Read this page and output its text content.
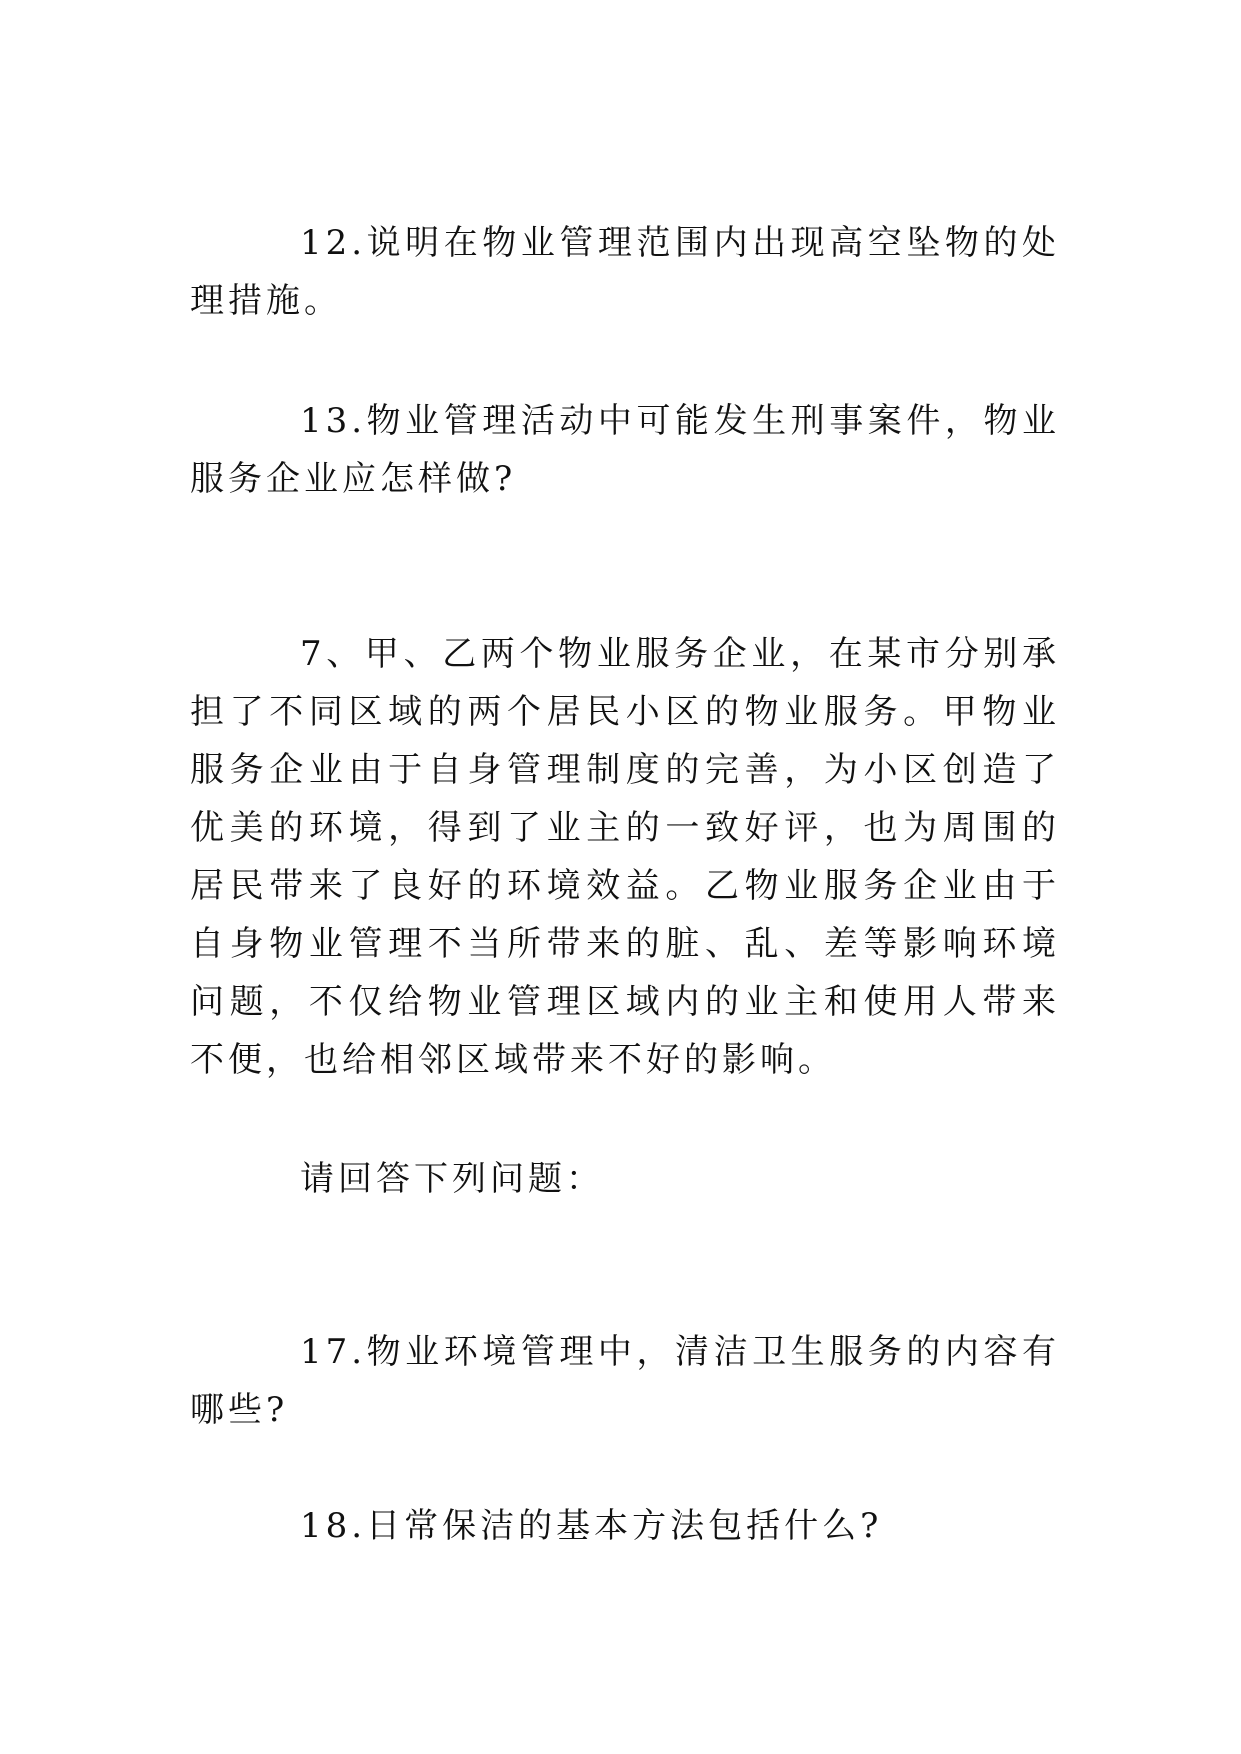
12.说明在物业管理范围内出现高空坠物的处理措施。

13.物业管理活动中可能发生刑事案件，物业服务企业应怎样做?

7、甲、乙两个物业服务企业，在某市分别承担了不同区域的两个居民小区的物业服务。甲物业服务企业由于自身管理制度的完善，为小区创造了优美的环境，得到了业主的一致好评，也为周围的居民带来了良好的环境效益。乙物业服务企业由于自身物业管理不当所带来的脏、乱、差等影响环境问题，不仅给物业管理区域内的业主和使用人带来不便，也给相邻区域带来不好的影响。

请回答下列问题：

17.物业环境管理中，清洁卫生服务的内容有哪些?

18.日常保洁的基本方法包括什么?
